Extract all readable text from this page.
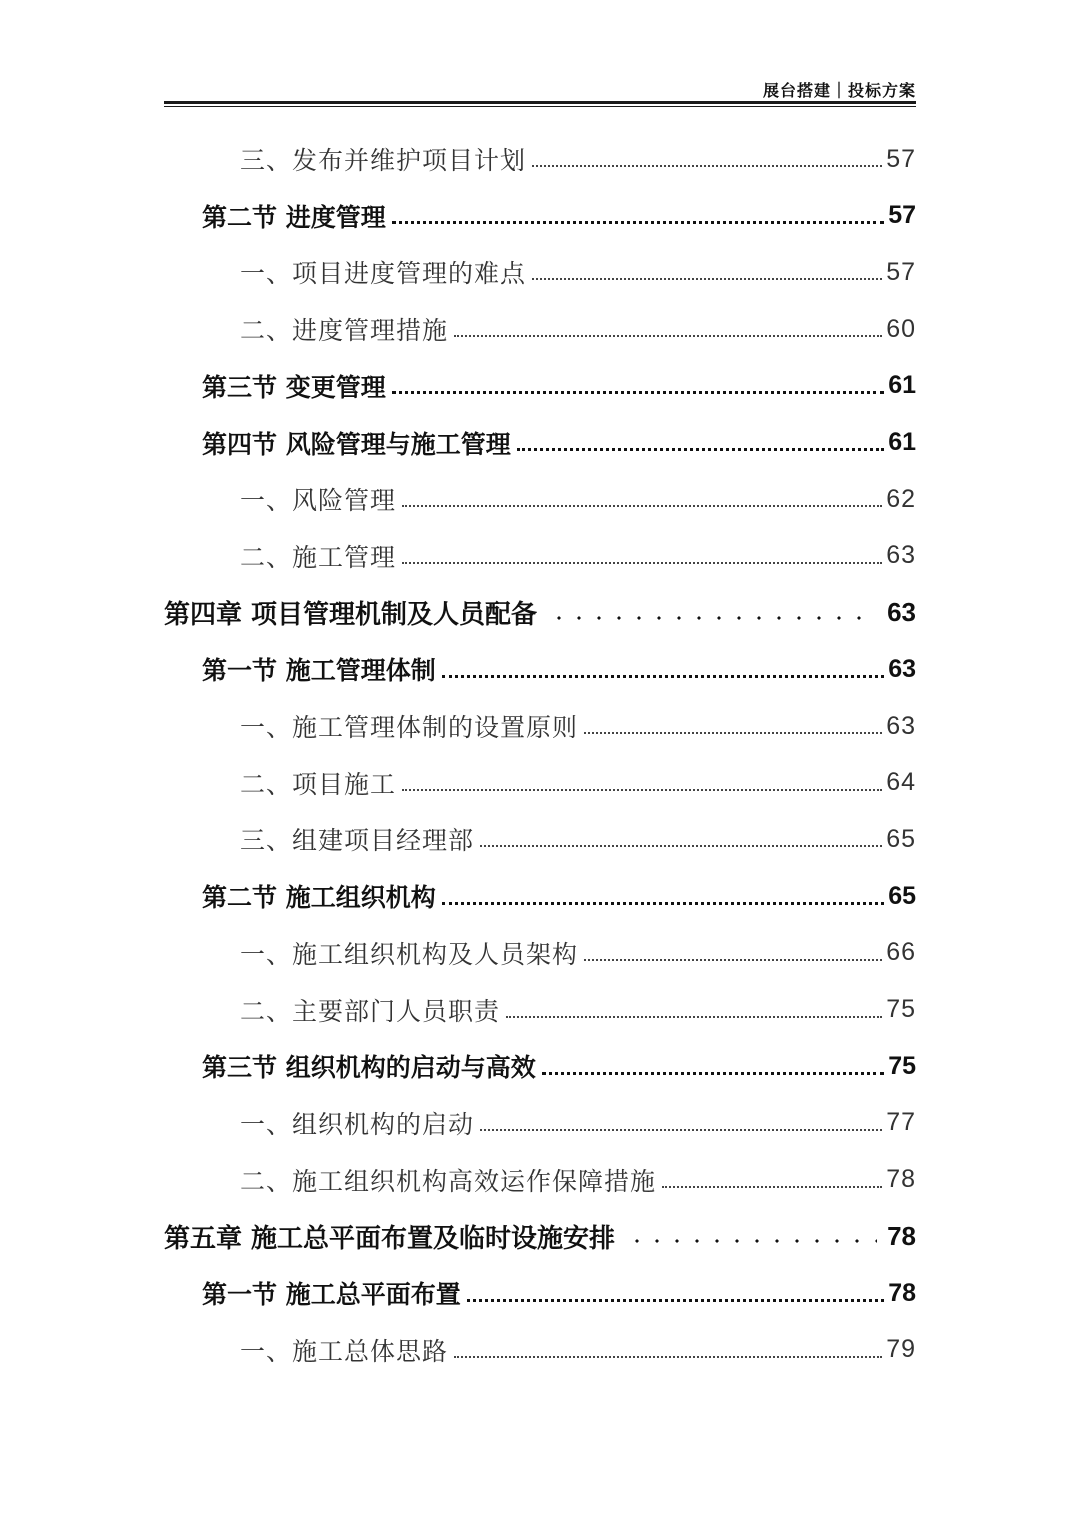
展台搭建｜投标方案
三、发布并维护项目计划	57
第二节 进度管理	57
一、项目进度管理的难点	57
二、进度管理措施	60
第三节 变更管理	61
第四节 风险管理与施工管理	61
一、风险管理	62
二、施工管理	63
第四章 项目管理机制及人员配备	63
第一节 施工管理体制	63
一、施工管理体制的设置原则	63
二、项目施工	64
三、组建项目经理部	65
第二节 施工组织机构	65
一、施工组织机构及人员架构	66
二、主要部门人员职责	75
第三节 组织机构的启动与高效	75
一、组织机构的启动	77
二、施工组织机构高效运作保障措施	78
第五章 施工总平面布置及临时设施安排	78
第一节 施工总平面布置	78
一、施工总体思路	79
